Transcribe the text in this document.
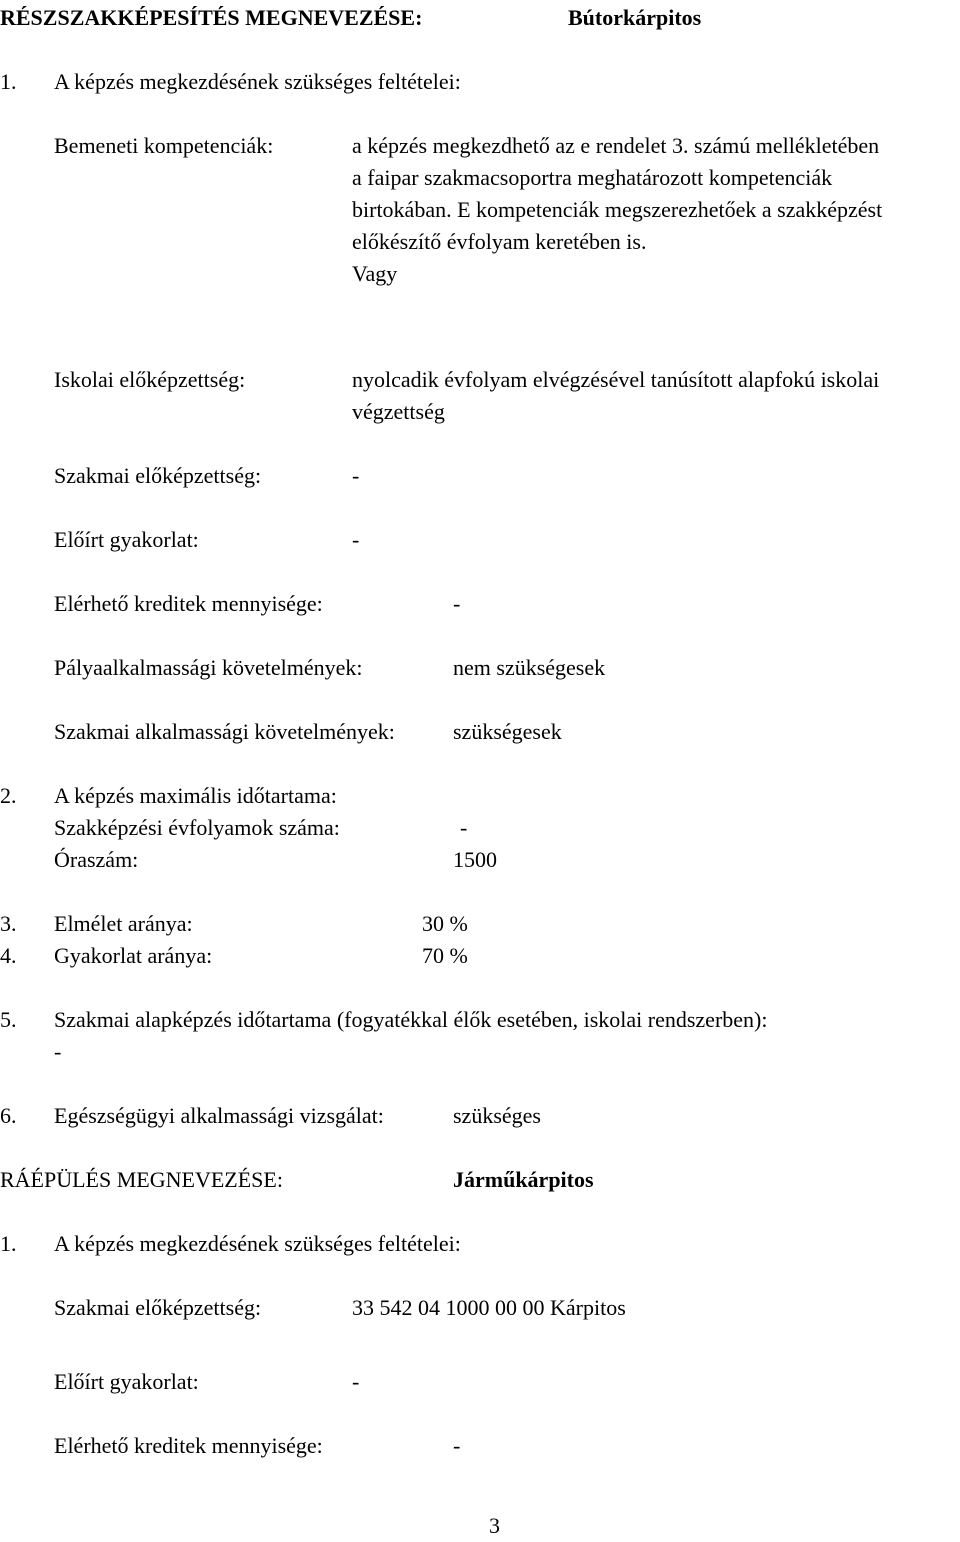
RÉSZSZAKKÉPESÍTÉS MEGNEVEZÉSE:	Bútorkárpitos
1. A képzés megkezdésének szükséges feltételei:
Bemeneti kompetenciák:	a képzés megkezdhető az e rendelet 3. számú mellékletében
a faipar szakmacsoportra meghatározott kompetenciák
birtokában. E kompetenciák megszerezhetőek a szakképzést
előkészítő évfolyam keretében is.
Vagy
Iskolai előképzettség:	nyolcadik évfolyam elvégzésével tanúsított alapfokú iskolai
végzettség
Szakmai előképzettség:	-
Előírt gyakorlat:	-
Elérhető kreditek mennyisége:	-
Pályaalkalmassági követelmények:	nem szükségesek
Szakmai alkalmassági követelmények:	szükségesek
2. A képzés maximális időtartama:
Szakképzési évfolyamok száma:	-
Óraszám:	1500
3. Elmélet aránya:	30 %
4. Gyakorlat aránya:	70 %
5. Szakmai alapképzés időtartama (fogyatékkal élők esetében, iskolai rendszerben):
-
6. Egészségügyi alkalmassági vizsgálat:	szükséges
RÁÉPÜLÉS MEGNEVEZÉSE:	Járműkárpitos
1. A képzés megkezdésének szükséges feltételei:
Szakmai előképzettség:	33 542 04 1000 00 00 Kárpitos
Előírt gyakorlat:	-
Elérhető kreditek mennyisége:	-
3
